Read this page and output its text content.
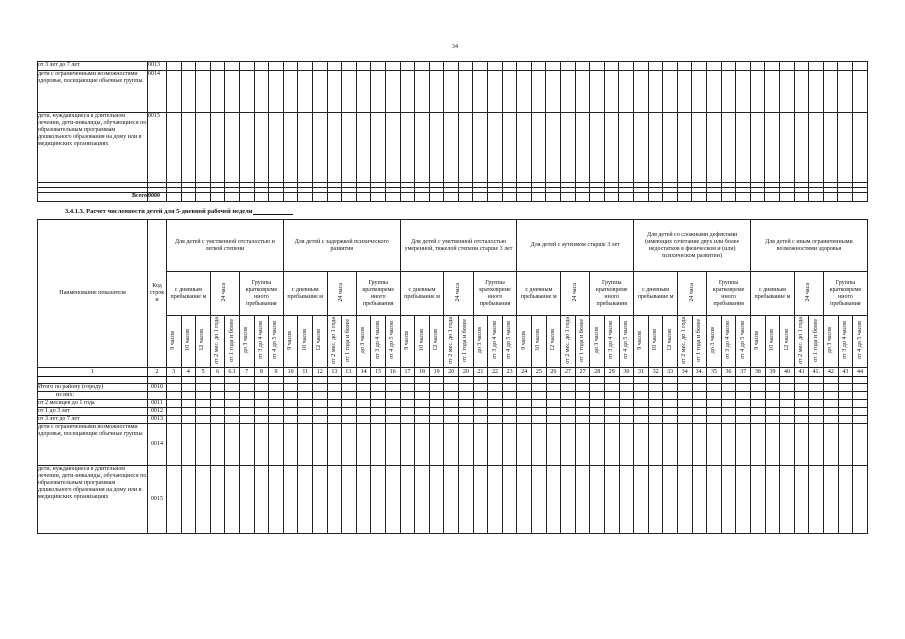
34
от 3 лет до 7 лет	0013																																																
дети с ограниченными возможностями здоровья, посещающие обычные группы	0014																																																
дети, нуждающиеся в длительном лечении, дети-инвалиды, обучающиеся по образовательным программам дошкольного образования на дому или в медицинских организациях	0015																																																

Всего	0000																																																
3.4.1.3. Расчет численности детей для 5-дневной рабочей недели
Наименование показателя	Код строк и	Для детей с умственной отсталостью и легкой степени								Для детей с задержкой психического развития								Для детей с умственной отсталостью умеренной, тяжелой степени старше 3 лет								Для детей с аутизмом старше 3 лет								Для детей со сложными дефектами (имеющих сочетание двух или более недостатков в физическом и (или) психическом развитии)								Для детей с иным ограниченными возможностями здоровья							
		с дневным пребывание м			24 часа		Группы кратковреме нного пребывания			с дневным пребывание м			24 часа		Группы кратковреме нного пребывания			с дневным пребывание м			24 часа		Группы кратковреме нного пребывания			с дневным пребывание м			24 часа		Группы кратковреме нного пребывания			с дневным пребывание м			24 часа		Группы кратковреме нного пребывания			с дневным пребывание м			24 часа		Группы кратковреме нного пребывания		
		9 часов	10 часов	12 часов	от 2 мес. до 1 года	от 1 года и более	до 3 часов	от 3 до 4 часов	от 4 до 5 часов	9 часов	10 часов	12 часов	от 2 мес. до 1 года	от 1 года и более	до 3 часов	от 3 до 4 часов	от 4 до 5 часов	9 часов	10 часов	12 часов	от 2 мес. до 1 года	от 1 года и более	до 3 часов	от 3 до 4 часов	от 4 до 5 часов	9 часов	10 часов	12 часов	от 2 мес. до 1 года	от 1 года и более	до 3 часов	от 3 до 4 часов	от 4 до 5 часов	9 часов	10 часов	12 часов	от 2 мес. до 1 года	от 1 года и более	до 3 часов	от 3 до 4 часов	от 4 до 5 часов	9 часов	10 часов	12 часов	от 2 мес. до 1 года	от 1 года и более	до 3 часов	от 3 до 4 часов	от 4 до 5 часов
1	2	3	4	5	6	6.1	7	8	9	10	11	12	13	13.	14	15	16	17	18	19	20	20	21	22	23	24	25	26	27	27	28	29	30	31	32	33	34	34.	35	36	37	38	39	40	41	41.	42	43	44

Итого по району (городу)	0010																																																
из них:																																																	
от 2 месяцев до 1 года	0011																																																
от 1 до 3 лет	0012																																																
от 3 лет до 7 лет	0013																																																
дети с ограниченными возможностями здоровья, посещающие обычные группы	0014																																																
дети, нуждающиеся в длительном лечении, дети-инвалиды, обучающиеся по образовательным программам дошкольного образования на дому или в медицинских организациях	0015																																																
